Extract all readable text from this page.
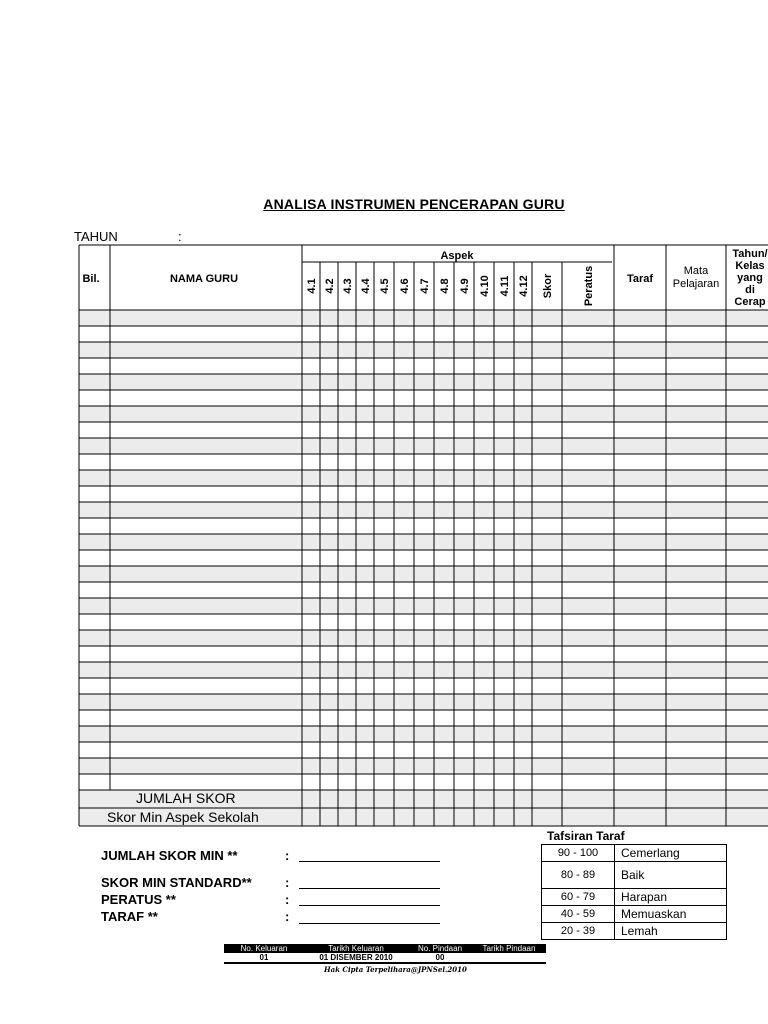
ANALISA INSTRUMEN PENCERAPAN GURU
TAHUN	:
Bil.	NAMA GURU
Aspek
4.1 4.2 4.3 4.4 4.5 4.6 4.7 4.8 4.9 4.10 4.11 4.12 Skor	Peratus	Taraf
Mata
Pelajaran
Tahun/
Kelas
yang
di
Cerap
JUMLAH SKOR
Skor Min Aspek Sekolah
JUMLAH SKOR MIN **	:
SKOR MIN STANDARD**	:
PERATUS **	:
TARAF **	:
Tafsiran Taraf
90 - 100	Cemerlang
80 - 89	Baik
60 - 79	Harapan
40 - 59	Memuaskan
20 - 39	Lemah
No. Keluaran	Tarikh Keluaran	No. Pindaan	Tarikh Pindaan
01	01 DISEMBER 2010	00	
Hak Cipta Terpelihara@JPNSel.2010
